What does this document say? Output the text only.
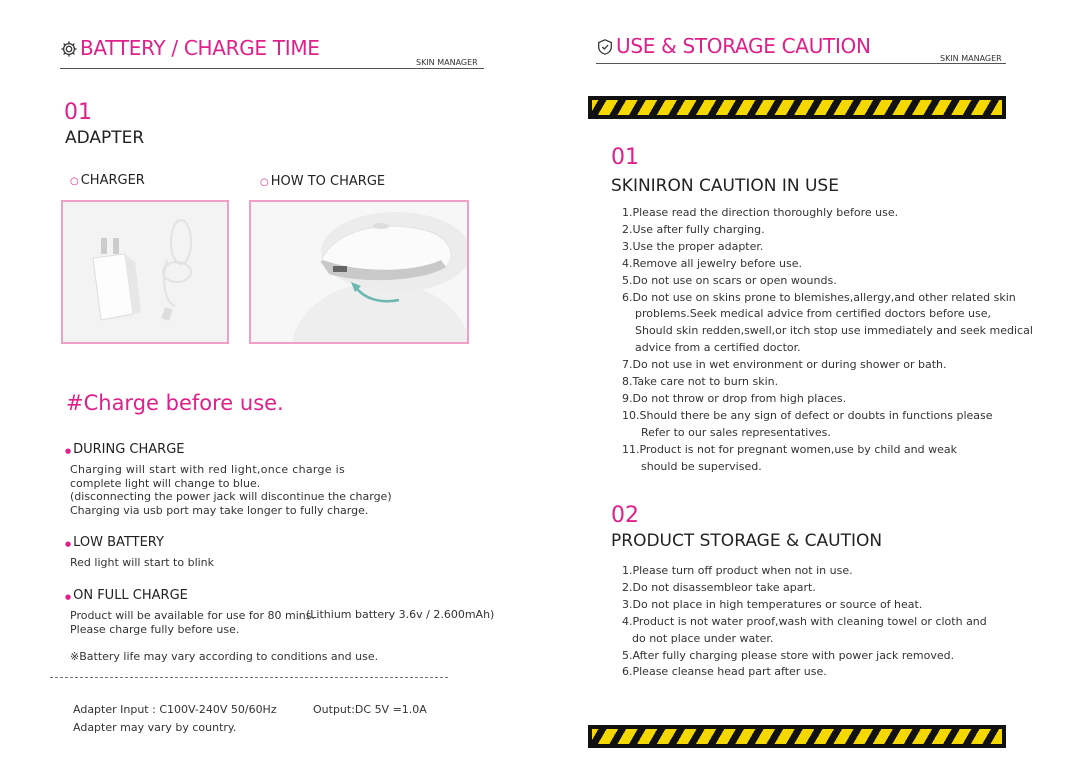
BATTERY / CHARGE TIME
SKIN MANAGER
01
ADAPTER
○ CHARGER	○ HOW TO CHARGE
#Charge before use.
● DURING CHARGE
Charging will start with red light,once charge is
complete light will change to blue.
(disconnecting the power jack will discontinue the charge)
Charging via usb port may take longer to fully charge.
● LOW BATTERY
Red light will start to blink
● ON FULL CHARGE
Product will be available for use for 80 mins.
(Lithium battery 3.6v / 2.600mAh)
Please charge fully before use.
※Battery life may vary according to conditions and use.
Adapter Input : C100V-240V 50/60Hz	Output:DC 5V =1.0A
Adapter may vary by country.
USE & STORAGE CAUTION
SKIN MANAGER
01
SKINIRON CAUTION IN USE
1.Please read the direction thoroughly before use.
2.Use after fully charging.
3.Use the proper adapter.
4.Remove all jewelry before use.
5.Do not use on scars or open wounds.
6.Do not use on skins prone to blemishes,allergy,and other related skin
problems.Seek medical advice from certified doctors before use,
Should skin redden,swell,or itch stop use immediately and seek medical
advice from a certified doctor.
7.Do not use in wet environment or during shower or bath.
8.Take care not to burn skin.
9.Do not throw or drop from high places.
10.Should there be any sign of defect or doubts in functions please
Refer to our sales representatives.
11.Product is not for pregnant women,use by child and weak
should be supervised.
02
PRODUCT STORAGE & CAUTION
1.Please turn off product when not in use.
2.Do not disassembleor take apart.
3.Do not place in high temperatures or source of heat.
4.Product is not water proof,wash with cleaning towel or cloth and
do not place under water.
5.After fully charging please store with power jack removed.
6.Please cleanse head part after use.
